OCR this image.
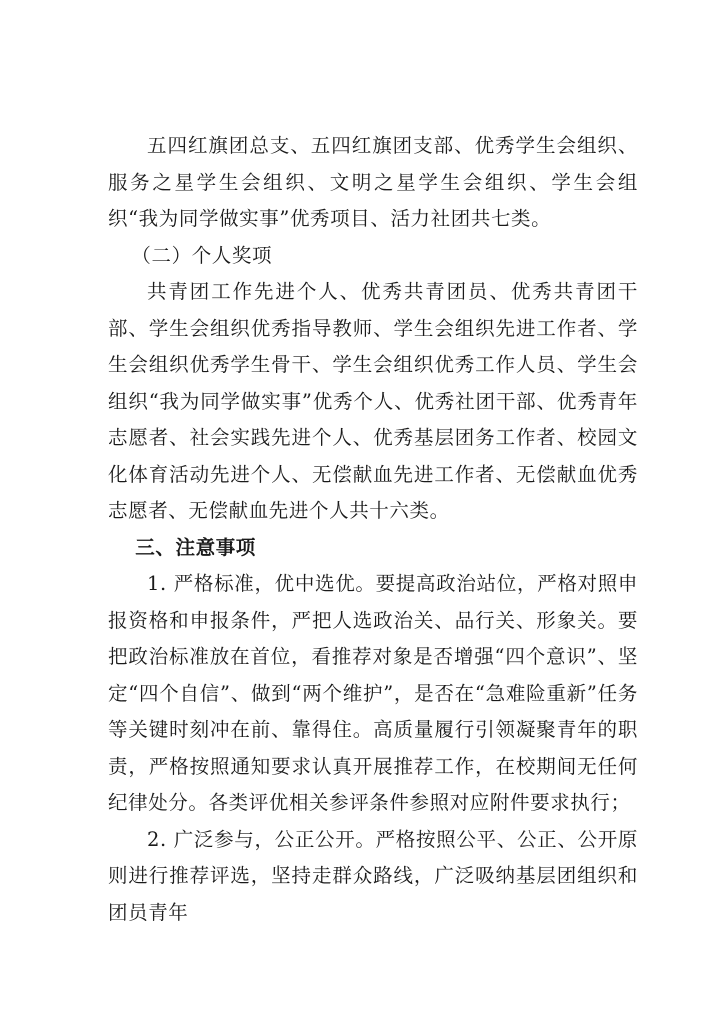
五四红旗团总支、五四红旗团支部、优秀学生会组织、服务之星学生会组织、文明之星学生会组织、学生会组织“我为同学做实事”优秀项目、活力社团共七类。

（二）个人奖项

共青团工作先进个人、优秀共青团员、优秀共青团干部、学生会组织优秀指导教师、学生会组织先进工作者、学生会组织优秀学生骨干、学生会组织优秀工作人员、学生会组织“我为同学做实事”优秀个人、优秀社团干部、优秀青年志愿者、社会实践先进个人、优秀基层团务工作者、校园文化体育活动先进个人、无偿献血先进工作者、无偿献血优秀志愿者、无偿献血先进个人共十六类。

三、注意事项

1. 严格标准，优中选优。要提高政治站位，严格对照申报资格和申报条件，严把人选政治关、品行关、形象关。要把政治标准放在首位，看推荐对象是否增强“四个意识”、坚定“四个自信”、做到“两个维护”，是否在“急难险重新”任务等关键时刻冲在前、靠得住。高质量履行引领凝聚青年的职责，严格按照通知要求认真开展推荐工作，在校期间无任何纪律处分。各类评优相关参评条件参照对应附件要求执行；

2. 广泛参与，公正公开。严格按照公平、公正、公开原则进行推荐评选，坚持走群众路线，广泛吸纳基层团组织和团员青年
